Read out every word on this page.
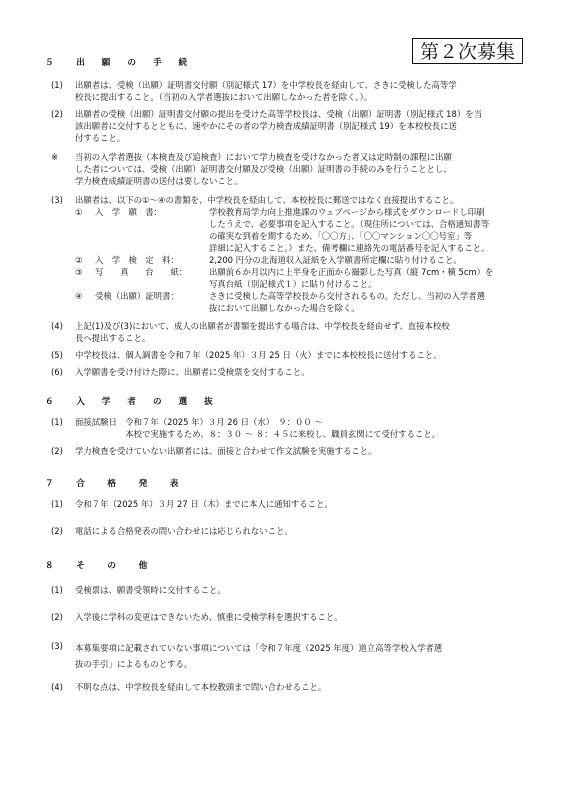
第２次募集
５　出 願 の 手 続
(1)	出願者は、受検（出願）証明書交付願（別記様式 17）を中学校長を経由して、さきに受検した高等学

校長に提出すること。（当初の入学者選抜において出願しなかった者を除く。）。

(2)	出願者の受検（出願）証明書交付願の提出を受けた高等学校長は、受検（出願）証明書（別記様式 18）を当

該出願者に交付するとともに、速やかにその者の学力検査成績証明書（別記様式 19）を本校校長に送

付すること。

※ 当初の入学者選抜（本検査及び追検査）において学力検査を受けなかった者又は定時制の課程に出願

した者については、受検（出願）証明書交付願及び受検（出願）証明書の手続のみを行うこととし、

学力検査成績証明書の送付は要しないこと。

(3)	出願者は、以下の①～④の書類を、中学校長を経由して、本校校長に郵送ではなく直接提出すること。

①	入　学　願　書：	学校教育局学力向上推進課のウェブページから様式をダウンロードし印刷

したうえで、必要事項を記入すること。（現住所については、合格通知書等

の確実な到着を期するため、「〇〇方」、「〇〇マンション〇〇号室」等

詳細に記入すること。）また、備考欄に連絡先の電話番号を記入すること。

②	入　学　検　定　料：	2,200 円分の北海道収入証紙を入学願書所定欄に貼り付けること。

③	写　　真　　台　　紙：	出願前６か月以内に上半身を正面から撮影した写真（縦 7cm・横 5cm）を

写真台紙（別記様式１）に貼り付けること。

④	受検（出願）証明書：	さきに受検した高等学校長から交付されるもの。ただし、当初の入学者選

抜において出願しなかった場合を除く。

(4)	上記(1)及び(3)において、成人の出願者が書類を提出する場合は、中学校長を経由せず、直接本校校

長へ提出すること。

(5)	中学校長は、個人調書を令和７年（2025 年）３月 25 日（火）までに本校校長に送付すること。

(6)	入学願書を受け付けた際に、出願者に受検票を交付すること。

６　入 学 者 の 選 抜
(1)	面接試験日　令和７年（2025 年）３月 26 日（水）　９：００ ～

　　　　　　本校で実施するため、８：３０ ～ ８：４５に来校し、職員玄関にて受付すること。

(2)	学力検査を受けていない出願者には、面接と合わせて作文試験を実施すること。

７　合　格　発　表
(1)	令和７年（2025 年）３月 27 日（木）までに本人に通知すること。

(2)	電話による合格発表の問い合わせには応じられないこと。

８　そ　の　他
(1)	受検票は、願書受領時に交付すること。

(2)	入学後に学科の変更はできないため、慎重に受検学科を選択すること。

(3)	本募集要項に記載されていない事項については「令和７年度（2025 年度）道立高等学校入学者選

抜の手引」によるものとする。

(4)	不明な点は、中学校長を経由して本校教頭まで問い合わせること。
